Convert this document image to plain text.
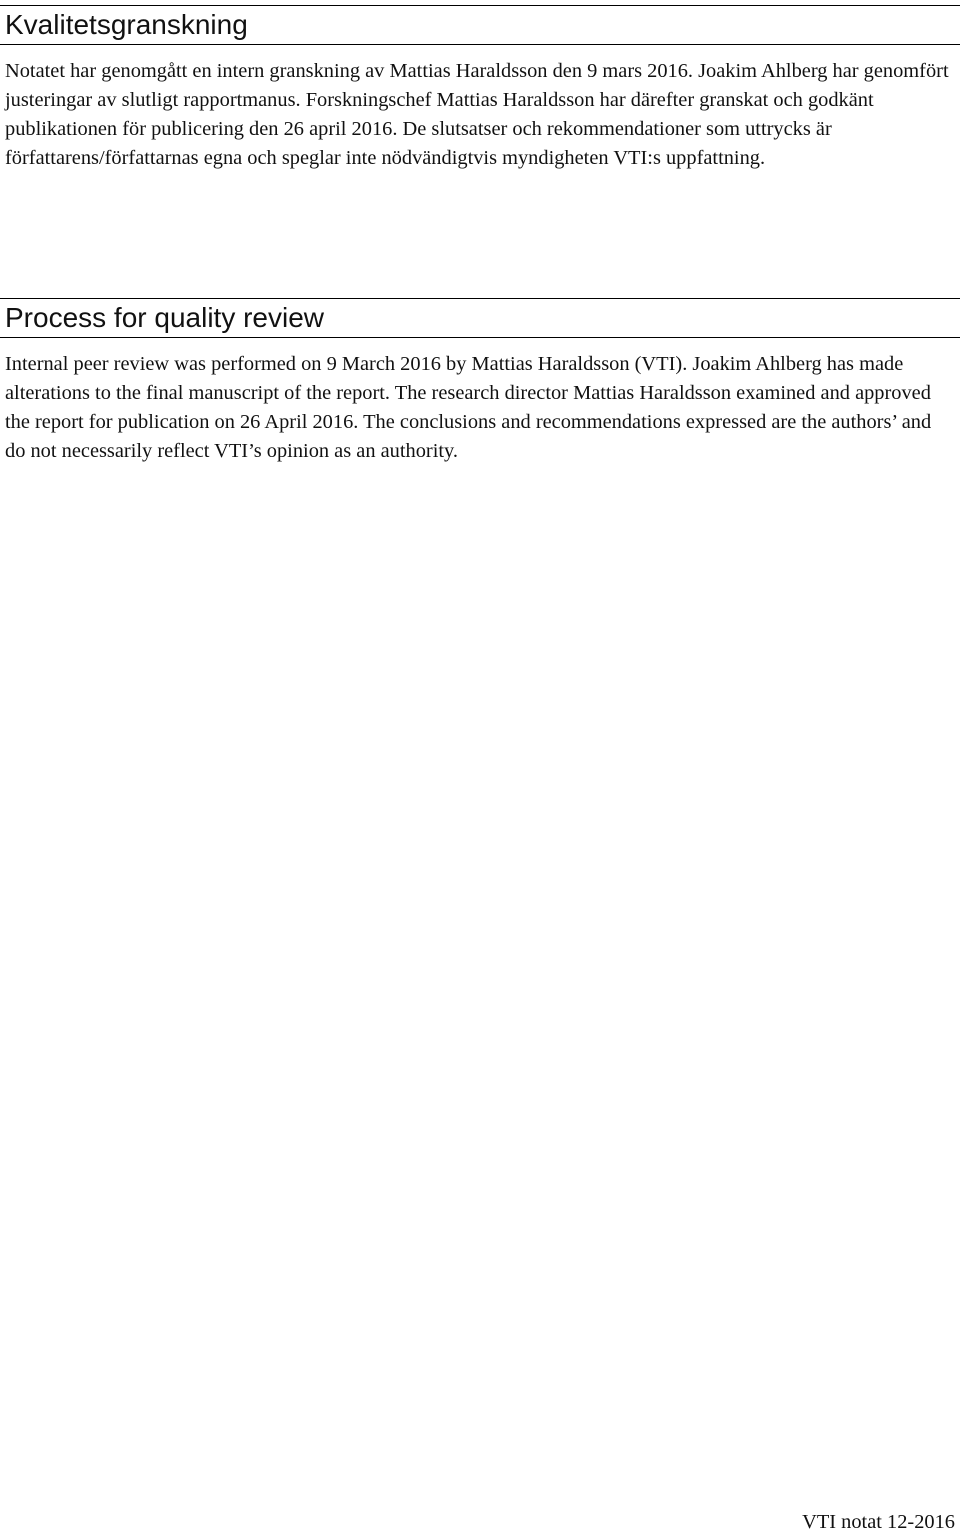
Kvalitetsgranskning

Notatet har genomgått en intern granskning av Mattias Haraldsson den 9 mars 2016. Joakim Ahlberg har genomfört justeringar av slutligt rapportmanus. Forskningschef Mattias Haraldsson har därefter granskat och godkänt publikationen för publicering den 26 april 2016. De slutsatser och rekommendationer som uttrycks är författarens/författarnas egna och speglar inte nödvändigtvis myndigheten VTI:s uppfattning.

Process for quality review

Internal peer review was performed on 9 March 2016 by Mattias Haraldsson (VTI). Joakim Ahlberg has made alterations to the final manuscript of the report. The research director Mattias Haraldsson examined and approved the report for publication on 26 April 2016. The conclusions and recommendations expressed are the authors’ and do not necessarily reflect VTI’s opinion as an authority.

VTI notat 12-2016
